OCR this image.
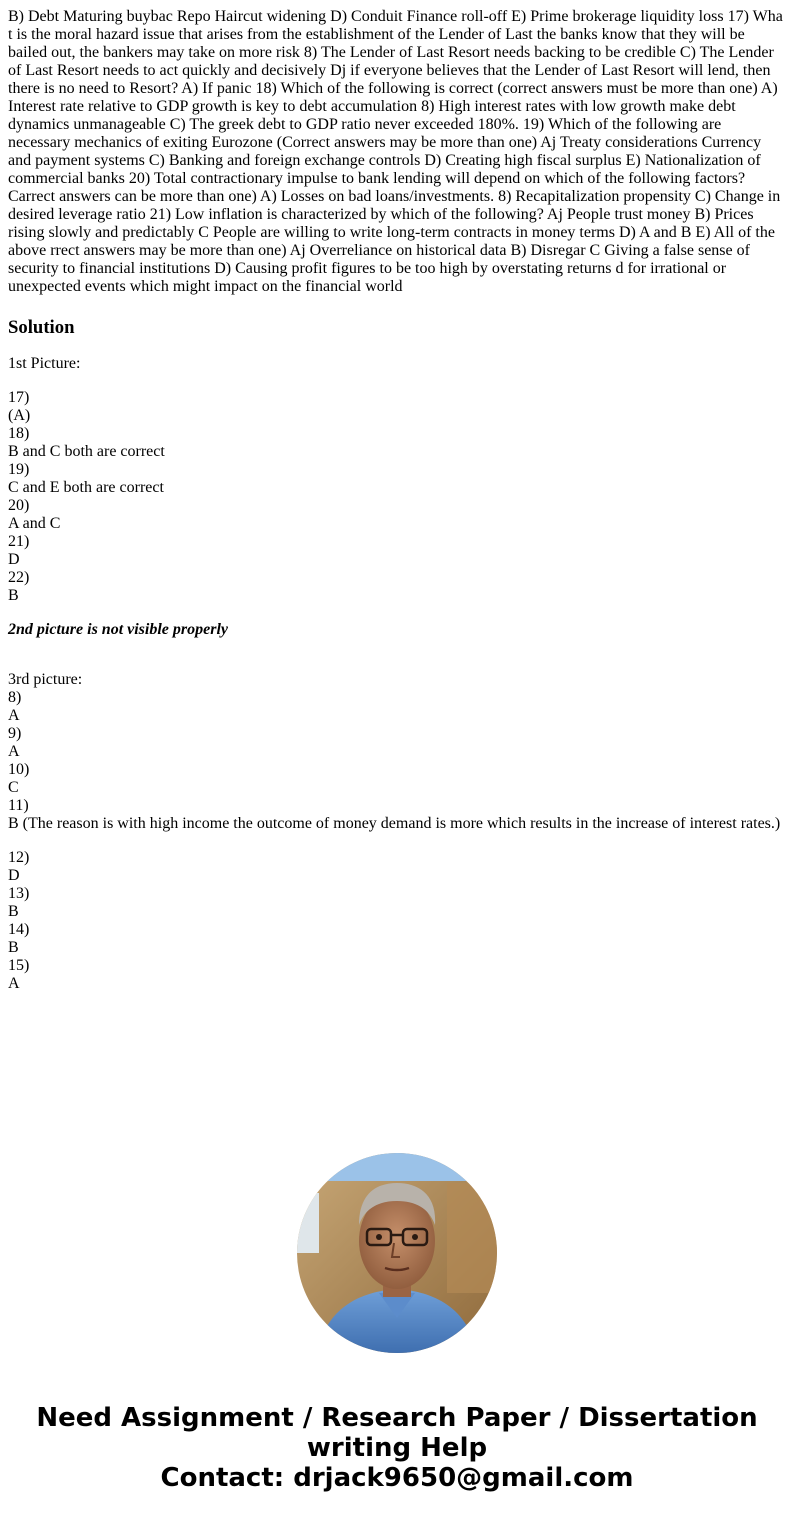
B) Debt Maturing buybac Repo Haircut widening D) Conduit Finance roll-off E) Prime brokerage liquidity loss 17) Wha t is the moral hazard issue that arises from the establishment of the Lender of Last the banks know that they will be bailed out, the bankers may take on more risk 8) The Lender of Last Resort needs backing to be credible C) The Lender of Last Resort needs to act quickly and decisively Dj if everyone believes that the Lender of Last Resort will lend, then there is no need to Resort? A) If panic 18) Which of the following is correct (correct answers must be more than one) A) Interest rate relative to GDP growth is key to debt accumulation 8) High interest rates with low growth make debt dynamics unmanageable C) The greek debt to GDP ratio never exceeded 180%. 19) Which of the following are necessary mechanics of exiting Eurozone (Correct answers may be more than one) Aj Treaty considerations Currency and payment systems C) Banking and foreign exchange controls D) Creating high fiscal surplus E) Nationalization of commercial banks 20) Total contractionary impulse to bank lending will depend on which of the following factors? Carrect answers can be more than one) A) Losses on bad loans/investments. 8) Recapitalization propensity C) Change in desired leverage ratio 21) Low inflation is characterized by which of the following? Aj People trust money B) Prices rising slowly and predictably C People are willing to write long-term contracts in money terms D) A and B E) All of the above rrect answers may be more than one) Aj Overreliance on historical data B) Disregar C Giving a false sense of security to financial institutions D) Causing profit figures to be too high by overstating returns d for irrational or unexpected events which might impact on the financial world

Solution

1st Picture:

17)
(A)
18)
B and C both are correct
19)
C and E both are correct
20)
A and C
21)
D
22)
B

2nd picture is not visible properly

3rd picture:
8)
A
9)
A
10)
C
11)
B (The reason is with high income the outcome of money demand is more which results in the increase of interest rates.)
12)
D
13)
B
14)
B
15)
A
Need Assignment / Research Paper / Dissertation
writing Help
Contact: drjack9650@gmail.com
